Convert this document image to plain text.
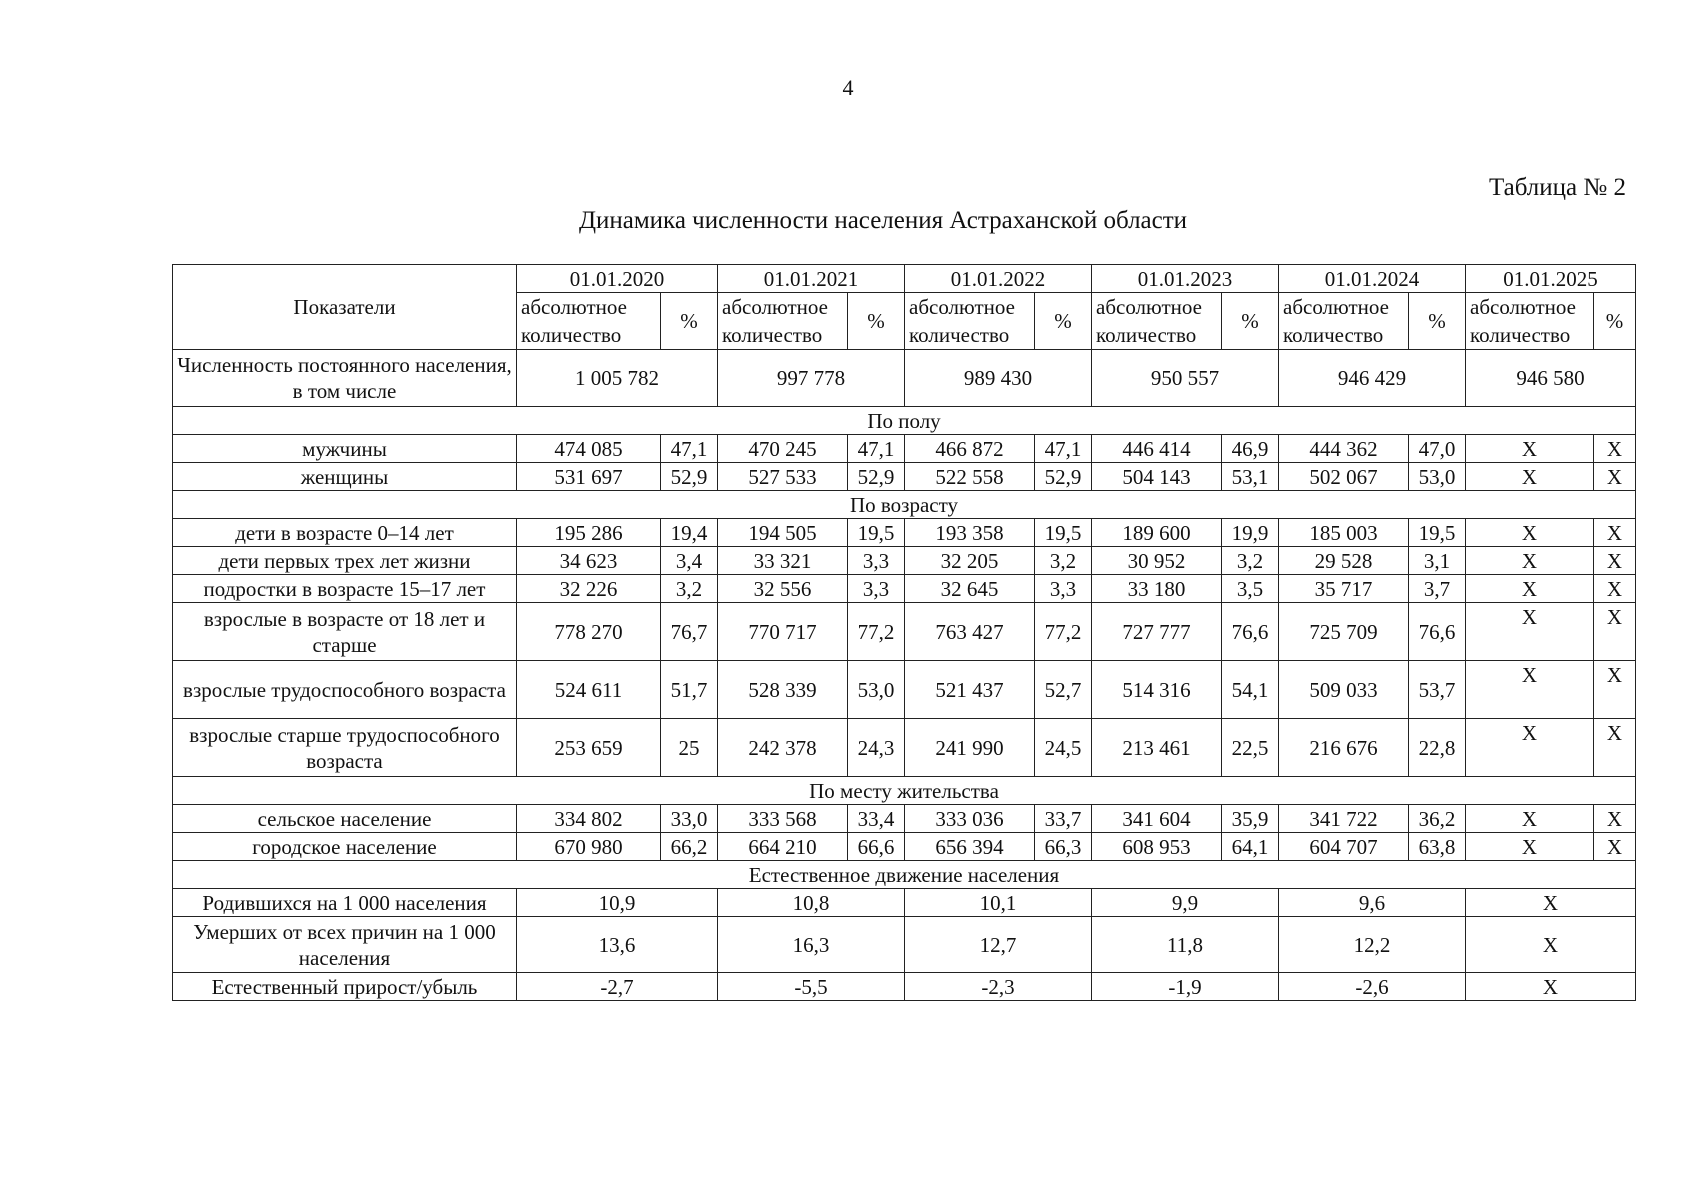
4
Таблица № 2
Динамика численности населения Астраханской области
Показатели	01.01.2020		01.01.2021		01.01.2022		01.01.2023		01.01.2024		01.01.2025	
	абсолютное количество	%	абсолютное количество	%	абсолютное количество	%	абсолютное количество	%	абсолютное количество	%	абсолютное количество	%
Численность постоянного населения, в том числе	1 005 782		997 778		989 430		950 557		946 429		946 580	
По полу												
мужчины	474 085	47,1	470 245	47,1	466 872	47,1	446 414	46,9	444 362	47,0	X	X
женщины	531 697	52,9	527 533	52,9	522 558	52,9	504 143	53,1	502 067	53,0	X	X
По возрасту												
дети в возрасте 0–14 лет	195 286	19,4	194 505	19,5	193 358	19,5	189 600	19,9	185 003	19,5	X	X
дети первых трех лет жизни	34 623	3,4	33 321	3,3	32 205	3,2	30 952	3,2	29 528	3,1	X	X
подростки в возрасте 15–17 лет	32 226	3,2	32 556	3,3	32 645	3,3	33 180	3,5	35 717	3,7	X	X
взрослые в возрасте от 18 лет и старше	778 270	76,7	770 717	77,2	763 427	77,2	727 777	76,6	725 709	76,6	X	X
взрослые трудоспособного возраста	524 611	51,7	528 339	53,0	521 437	52,7	514 316	54,1	509 033	53,7	X	X
взрослые старше трудоспособного возраста	253 659	25	242 378	24,3	241 990	24,5	213 461	22,5	216 676	22,8	X	X
По месту жительства												
сельское население	334 802	33,0	333 568	33,4	333 036	33,7	341 604	35,9	341 722	36,2	X	X
городское население	670 980	66,2	664 210	66,6	656 394	66,3	608 953	64,1	604 707	63,8	X	X
Естественное движение населения												
Родившихся на 1 000 населения	10,9		10,8		10,1		9,9		9,6		X	
Умерших от всех причин на 1 000 населения	13,6		16,3		12,7		11,8		12,2		X	
Естественный прирост/убыль	-2,7		-5,5		-2,3		-1,9		-2,6		X	
